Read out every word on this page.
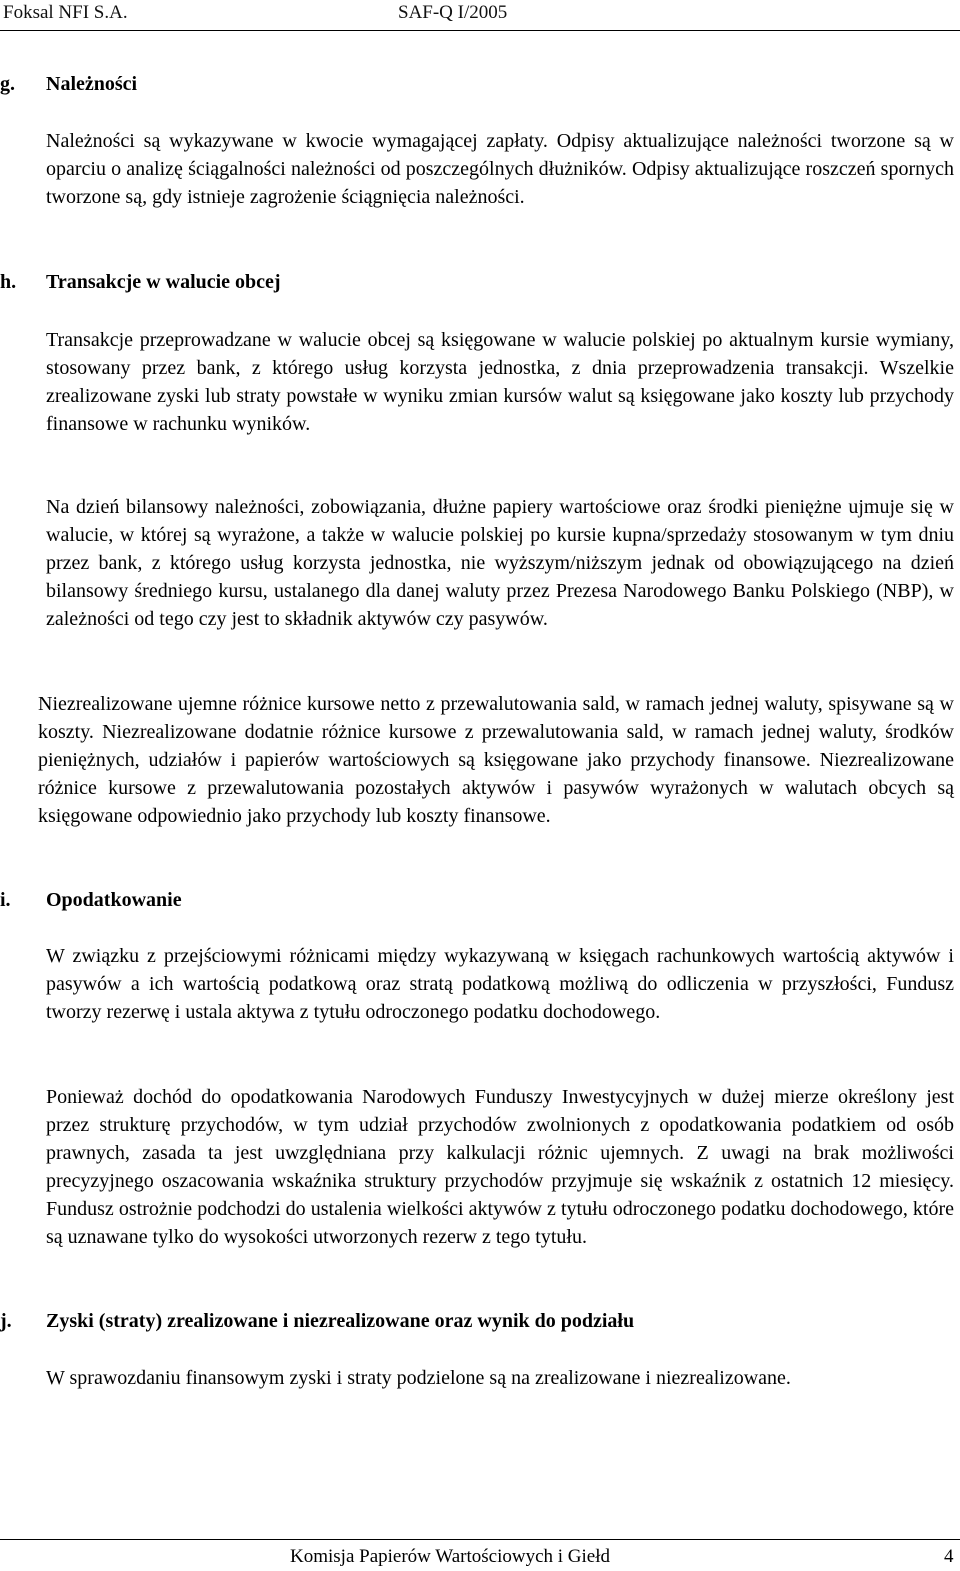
Foksal NFI S.A.	SAF-Q I/2005
g. Należności

Należności są wykazywane w kwocie wymagającej zapłaty. Odpisy aktualizujące należności tworzone są w oparciu o analizę ściągalności należności od poszczególnych dłużników. Odpisy aktualizujące roszczeń spornych tworzone są, gdy istnieje zagrożenie ściągnięcia należności.

h. Transakcje w walucie obcej

Transakcje przeprowadzane w walucie obcej są księgowane w walucie polskiej po aktualnym kursie wymiany, stosowany przez bank, z którego usług korzysta jednostka, z dnia przeprowadzenia transakcji. Wszelkie zrealizowane zyski lub straty powstałe w wyniku zmian kursów walut są księgowane jako koszty lub przychody finansowe w rachunku wyników.

Na dzień bilansowy należności, zobowiązania, dłużne papiery wartościowe oraz środki pieniężne ujmuje się w walucie, w której są wyrażone, a także w walucie polskiej po kursie kupna/sprzedaży stosowanym w tym dniu przez bank, z którego usług korzysta jednostka, nie wyższym/niższym jednak od obowiązującego na dzień bilansowy średniego kursu, ustalanego dla danej waluty przez Prezesa Narodowego Banku Polskiego (NBP), w zależności od tego czy jest to składnik aktywów czy pasywów.

Niezrealizowane ujemne różnice kursowe netto z przewalutowania sald, w ramach jednej waluty, spisywane są w koszty. Niezrealizowane dodatnie różnice kursowe z przewalutowania sald, w ramach jednej waluty, środków pieniężnych, udziałów i papierów wartościowych są księgowane jako przychody finansowe. Niezrealizowane różnice kursowe z przewalutowania pozostałych aktywów i pasywów wyrażonych w walutach obcych są księgowane odpowiednio jako przychody lub koszty finansowe.

i. Opodatkowanie

W związku z przejściowymi różnicami między wykazywaną w księgach rachunkowych wartością aktywów i pasywów a ich wartością podatkową oraz stratą podatkową możliwą do odliczenia w przyszłości, Fundusz tworzy rezerwę i ustala aktywa z tytułu odroczonego podatku dochodowego.

Ponieważ dochód do opodatkowania Narodowych Funduszy Inwestycyjnych w dużej mierze określony jest przez strukturę przychodów, w tym udział przychodów zwolnionych z opodatkowania podatkiem od osób prawnych, zasada ta jest uwzględniana przy kalkulacji różnic ujemnych. Z uwagi na brak możliwości precyzyjnego oszacowania wskaźnika struktury przychodów przyjmuje się wskaźnik z ostatnich 12 miesięcy. Fundusz ostrożnie podchodzi do ustalenia wielkości aktywów z tytułu odroczonego podatku dochodowego, które są uznawane tylko do wysokości utworzonych rezerw z tego tytułu.

j. Zyski (straty) zrealizowane i niezrealizowane oraz wynik do podziału

W sprawozdaniu finansowym zyski i straty podzielone są na zrealizowane i niezrealizowane.

Komisja Papierów Wartościowych i Giełd	4
